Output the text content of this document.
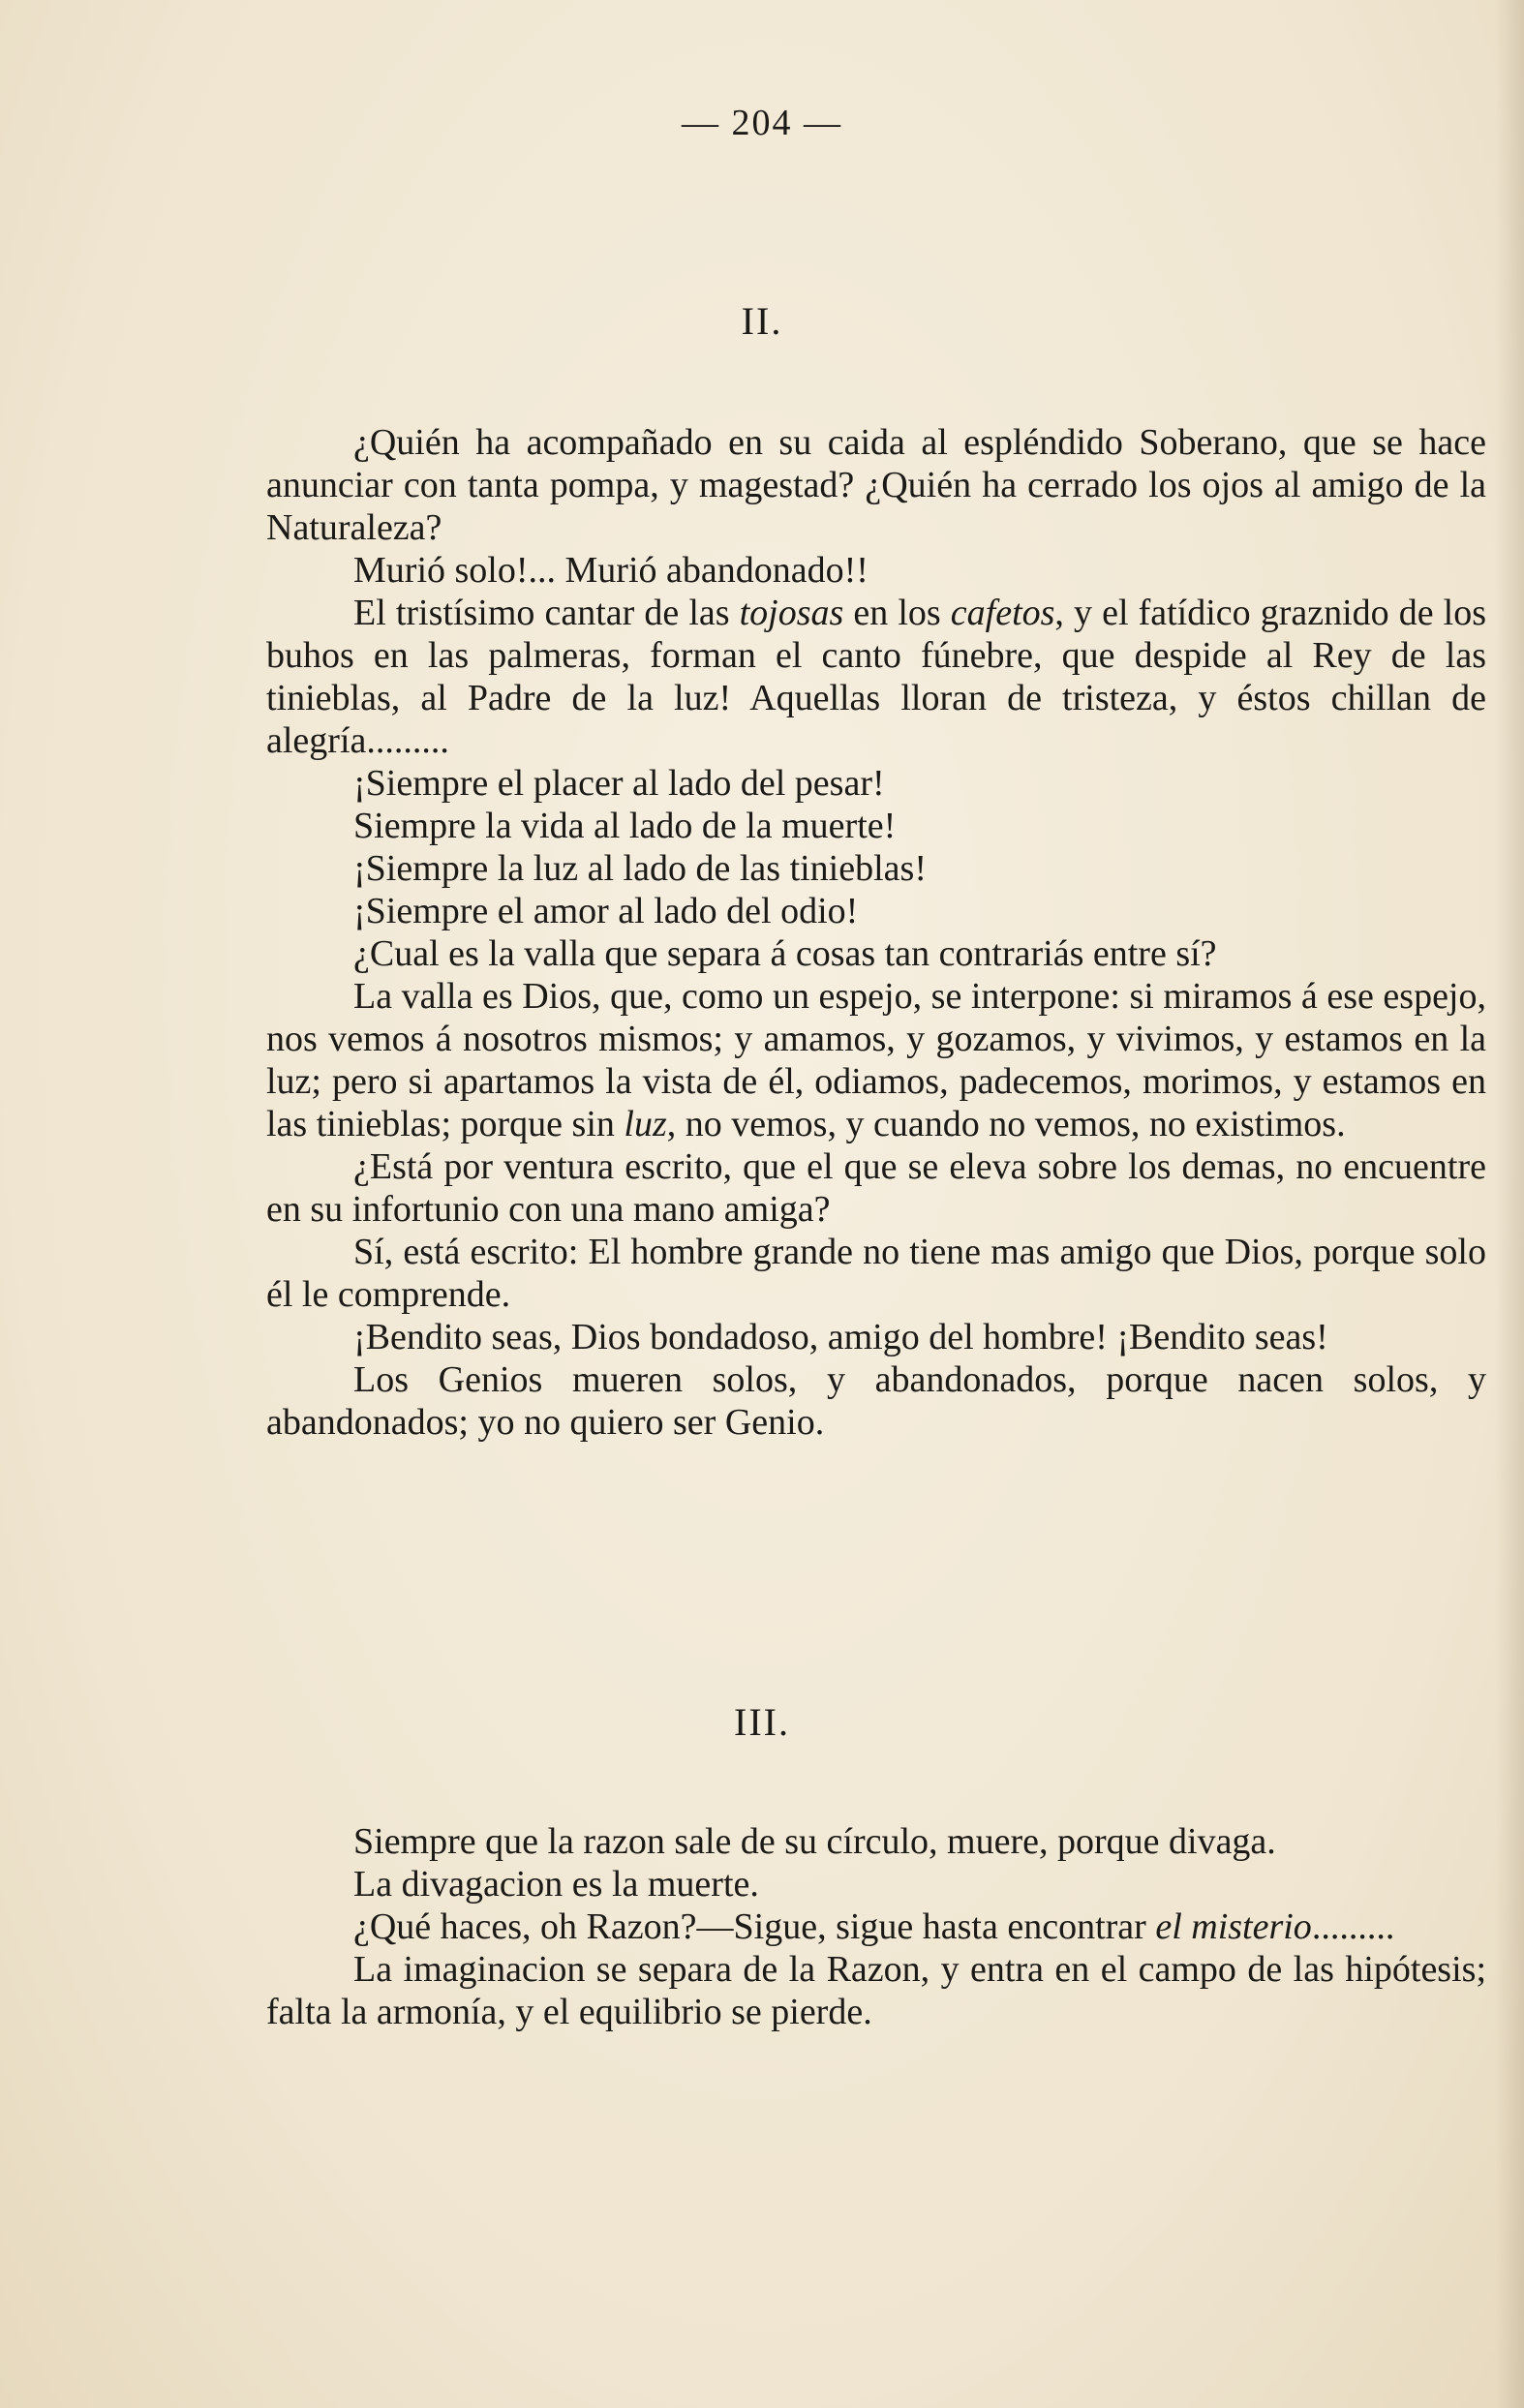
— 204 —
II.

¿Quién ha acompañado en su caida al espléndido Soberano, que se hace anunciar con tanta pompa, y magestad? ¿Quién ha cerrado los ojos al amigo de la Naturaleza?

Murió solo!... Murió abandonado!!

El tristísimo cantar de las tojosas en los cafetos, y el fatídico graznido de los buhos en las palmeras, forman el canto fúnebre, que despide al Rey de las tinieblas, al Padre de la luz! Aquellas lloran de tristeza, y éstos chillan de alegría.........

¡Siempre el placer al lado del pesar!

Siempre la vida al lado de la muerte!

¡Siempre la luz al lado de las tinieblas!

¡Siempre el amor al lado del odio!

¿Cual es la valla que separa á cosas tan contrariás entre sí?

La valla es Dios, que, como un espejo, se interpone: si miramos á ese espejo, nos vemos á nosotros mismos; y amamos, y gozamos, y vivimos, y estamos en la luz; pero si apartamos la vista de él, odiamos, padecemos, morimos, y estamos en las tinieblas; porque sin luz, no vemos, y cuando no vemos, no existimos.

¿Está por ventura escrito, que el que se eleva sobre los demas, no encuentre en su infortunio con una mano amiga?

Sí, está escrito: El hombre grande no tiene mas amigo que Dios, porque solo él le comprende.

¡Bendito seas, Dios bondadoso, amigo del hombre! ¡Bendito seas!

Los Genios mueren solos, y abandonados, porque nacen solos, y abandonados; yo no quiero ser Genio.

III.

Siempre que la razon sale de su círculo, muere, porque divaga.

La divagacion es la muerte.

¿Qué haces, oh Razon?—Sigue, sigue hasta encontrar el misterio.........

La imaginacion se separa de la Razon, y entra en el campo de las hipótesis; falta la armonía, y el equilibrio se pierde.
